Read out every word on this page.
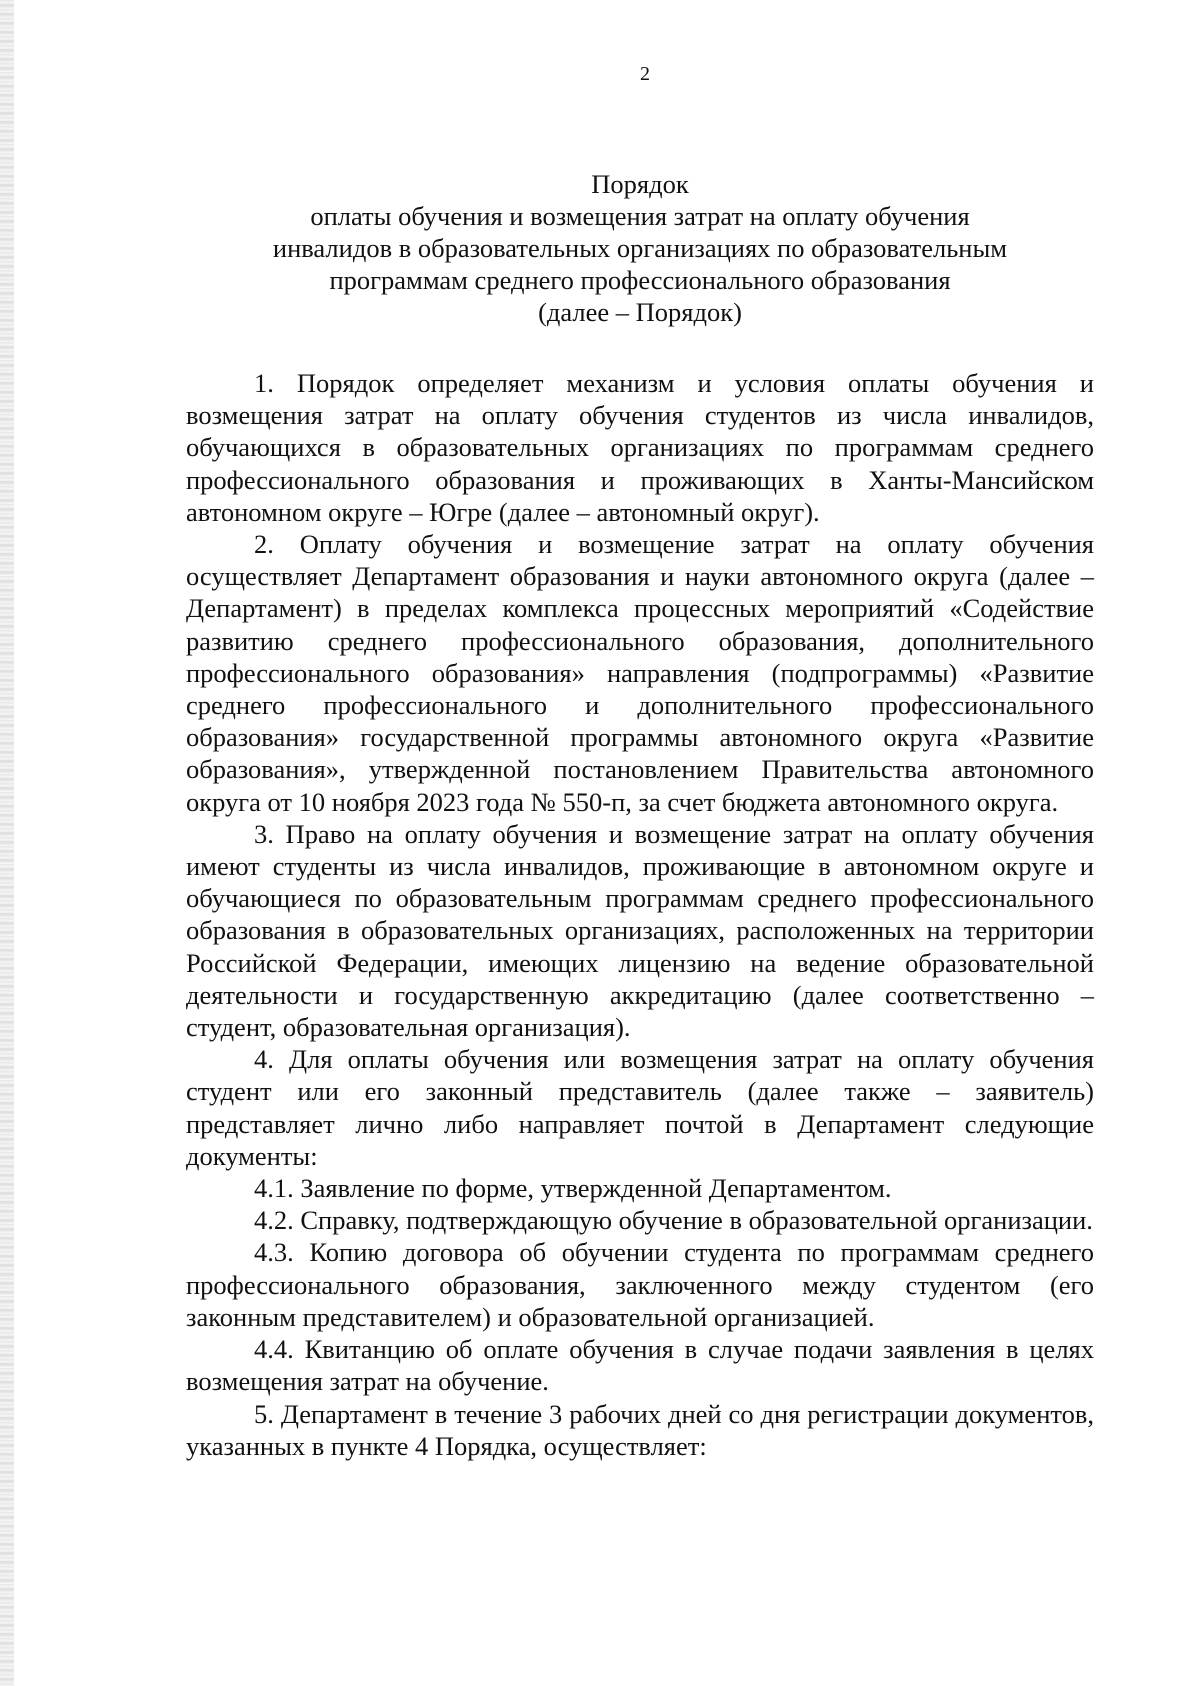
2
Порядок
оплаты обучения и возмещения затрат на оплату обучения
инвалидов в образовательных организациях по образовательным
программам среднего профессионального образования
(далее – Порядок)

1. Порядок определяет механизм и условия оплаты обучения и возмещения затрат на оплату обучения студентов из числа инвалидов, обучающихся в образовательных организациях по программам среднего профессионального образования и проживающих в Ханты-Мансийском автономном округе – Югре (далее – автономный округ).

2. Оплату обучения и возмещение затрат на оплату обучения осуществляет Департамент образования и науки автономного округа (далее – Департамент) в пределах комплекса процессных мероприятий «Содействие развитию среднего профессионального образования, дополнительного профессионального образования» направления (подпрограммы) «Развитие среднего профессионального и дополнительного профессионального образования» государственной программы автономного округа «Развитие образования», утвержденной постановлением Правительства автономного округа от 10 ноября 2023 года № 550-п, за счет бюджета автономного округа.

3. Право на оплату обучения и возмещение затрат на оплату обучения имеют студенты из числа инвалидов, проживающие в автономном округе и обучающиеся по образовательным программам среднего профессионального образования в образовательных организациях, расположенных на территории Российской Федерации, имеющих лицензию на ведение образовательной деятельности и государственную аккредитацию (далее соответственно – студент, образовательная организация).

4. Для оплаты обучения или возмещения затрат на оплату обучения студент или его законный представитель (далее также – заявитель) представляет лично либо направляет почтой в Департамент следующие документы:

4.1. Заявление по форме, утвержденной Департаментом.

4.2. Справку, подтверждающую обучение в образовательной организации.

4.3. Копию договора об обучении студента по программам среднего профессионального образования, заключенного между студентом (его законным представителем) и образовательной организацией.

4.4. Квитанцию об оплате обучения в случае подачи заявления в целях возмещения затрат на обучение.

5. Департамент в течение 3 рабочих дней со дня регистрации документов, указанных в пункте 4 Порядка, осуществляет:
